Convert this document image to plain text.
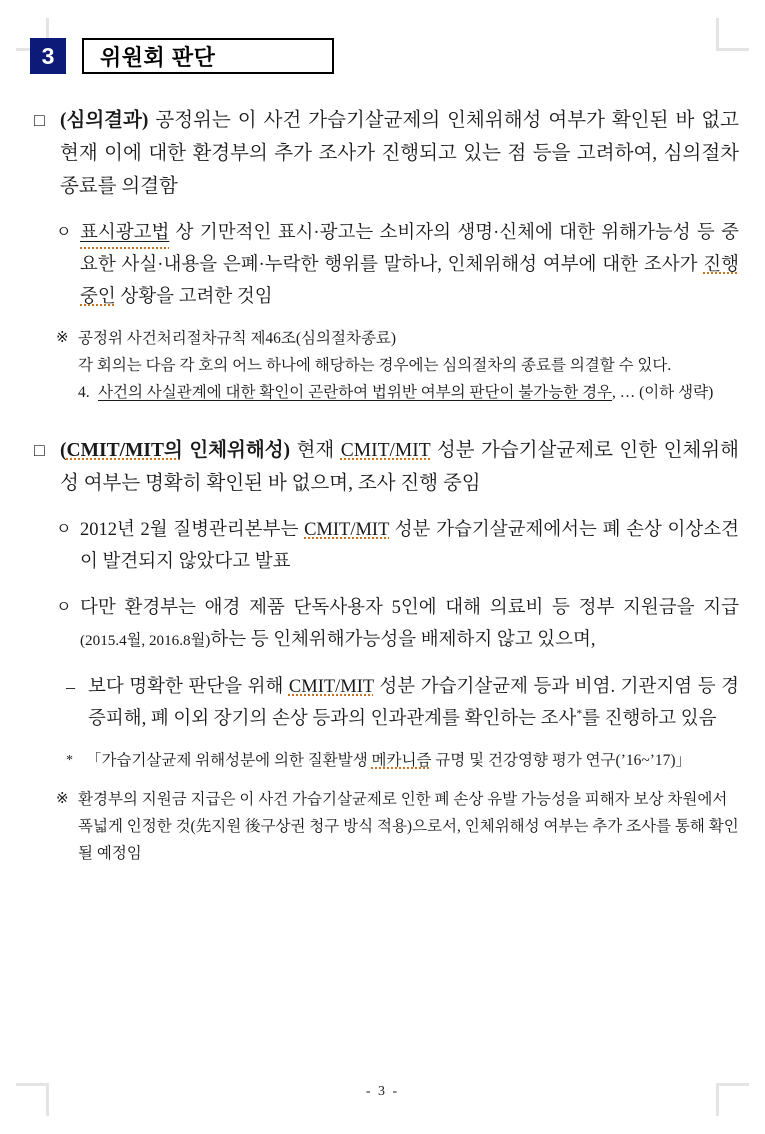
3	위원회 판단
□ (심의결과) 공정위는 이 사건 가습기살균제의 인체위해성 여부가 확인된 바 없고 현재 이에 대한 환경부의 추가 조사가 진행되고 있는 점 등을 고려하여, 심의절차종료를 의결함
ㅇ 표시광고법 상 기만적인 표시·광고는 소비자의 생명·신체에 대한 위해가능성 등 중요한 사실·내용을 은폐·누락한 행위를 말하나, 인체위해성 여부에 대한 조사가 진행중인 상황을 고려한 것임
※ 공정위 사건처리절차규칙 제46조(심의절차종료)
각 회의는 다음 각 호의 어느 하나에 해당하는 경우에는 심의절차의 종료를 의결할 수 있다.
4. 사건의 사실관계에 대한 확인이 곤란하여 법위반 여부의 판단이 불가능한 경우, … (이하 생략)
□ (CMIT/MIT의 인체위해성) 현재 CMIT/MIT 성분 가습기살균제로 인한 인체위해성 여부는 명확히 확인된 바 없으며, 조사 진행 중임
ㅇ 2012년 2월 질병관리본부는 CMIT/MIT 성분 가습기살균제에서는 폐 손상 이상소견이 발견되지 않았다고 발표
ㅇ 다만 환경부는 애경 제품 단독사용자 5인에 대해 의료비 등 정부 지원금을 지급(2015.4월, 2016.8월)하는 등 인체위해가능성을 배제하지 않고 있으며,
– 보다 명확한 판단을 위해 CMIT/MIT 성분 가습기살균제 등과 비염. 기관지염 등 경증피해, 폐 이외 장기의 손상 등과의 인과관계를 확인하는 조사*를 진행하고 있음
* 「가습기살균제 위해성분에 의한 질환발생 메카니즘 규명 및 건강영향 평가 연구(’16~’17)」
※ 환경부의 지원금 지급은 이 사건 가습기살균제로 인한 폐 손상 유발 가능성을 피해자 보상 차원에서 폭넓게 인정한 것(先지원 後구상권 청구 방식 적용)으로서, 인체위해성 여부는 추가 조사를 통해 확인될 예정임
- 3 -
